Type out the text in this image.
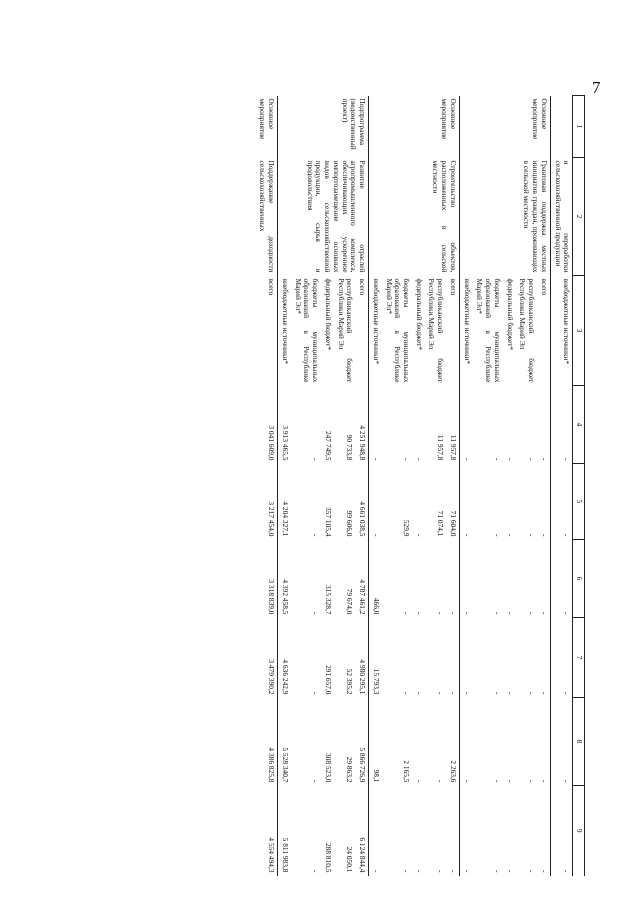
7
1	2	3	4	5	6	7	8	9
	и переработки сельскохозяйственной продукции	внебюджетные источники*	-	-	-	-	-	-
Основное мероприятие	Грантовая поддержка местных инициатив граждан, проживающих в сельской местности	всего	-	-	-	-	-	-
		республиканский бюджет Республики Марий Эл	-	-	-	-	-	-
		федеральный бюджет*	-	-	-	-	-	-
		бюджеты муниципальных образований в Республике Марий Эл*	-	-	-	-	-	-
		внебюджетные источники*	-	-	-	-	-	-
Основное мероприятие	Строительство объектов, расположенных в сельской местности	всего	11 957,8	71 604,0	-	-	2 263,6	-
		республиканский бюджет Республики Марий Эл	11 957,8	71 074,1	-	-	-	-
		федеральный бюджет*	-	-	-	-	-	-
		бюджеты муниципальных образований в Республике Марий Эл*	-	529,9	-	-	2 165,5	-
		внебюджетные источники*	-	-	466,0	15 793,3	98,1	-
Подпрограмма (ведомственный проект)	Развитие отраслей агропромышленного комплекса, обеспечивающих ускоренное импортозамещение основных видов сельскохозяйственной продукции, сырья и продовольствия	всего	4 251 948,8	4 661 038,5	4 787 461,2	4 980 295,1	5 866 726,9	6 124 844,4
		республиканский бюджет Республики Марий Эл	90 733,8	99 606,0	79 674,0	52 395,2	29 863,2	24 050,1
		федеральный бюджет*	247 749,5	357 105,4	315 328,7	291 657,0	308 523,0	288 810,5
		бюджеты муниципальных образований в Республике Марий Эл*	-	-	-	-	-	-
		внебюджетные источники*	3 913 465,5	4 204 327,1	4 392 458,5	4 636 242,9	5 528 340,7	5 811 983,8
Основное мероприятие	Поддержание доходности сельскохозяйственных	всего	3 041 609,0	3 217 454,0	3 318 839,0	3 479 390,2	4 386 825,8	4 554 494,3
